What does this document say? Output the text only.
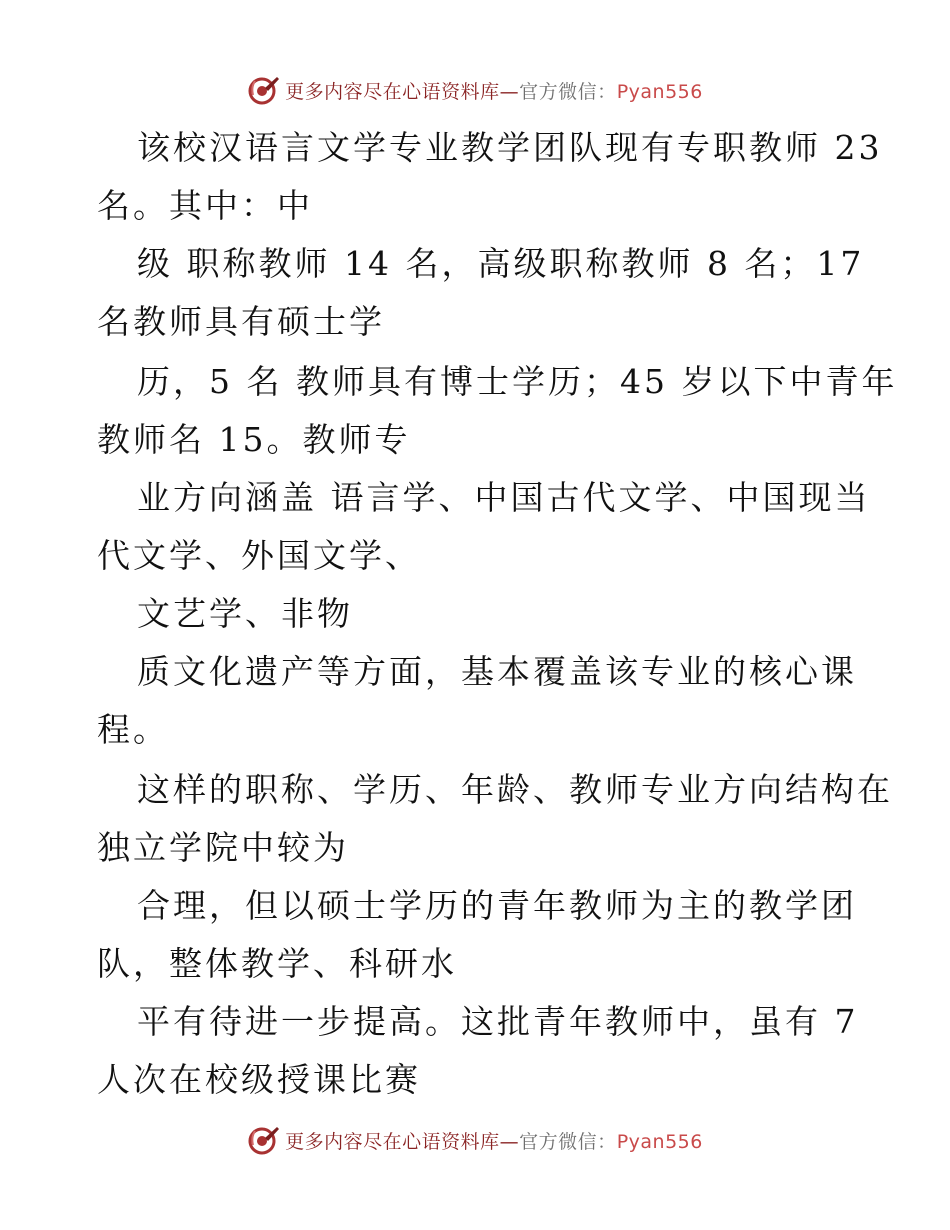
更多内容尽在心语资料库—官方微信：Pyan556
该校汉语言文学专业教学团队现有专职教师 23
名。其中：中
级 职称教师 14 名，高级职称教师 8 名；17
名教师具有硕士学
历，5 名 教师具有博士学历；45 岁以下中青年
教师名 15。教师专
业方向涵盖 语言学、中国古代文学、中国现当
代文学、外国文学、
文艺学、非物
质文化遗产等方面，基本覆盖该专业的核心课
程。
这样的职称、学历、年龄、教师专业方向结构在
独立学院中较为
合理，但以硕士学历的青年教师为主的教学团
队，整体教学、科研水
平有待进一步提高。这批青年教师中，虽有 7
人次在校级授课比赛
更多内容尽在心语资料库—官方微信：Pyan556
